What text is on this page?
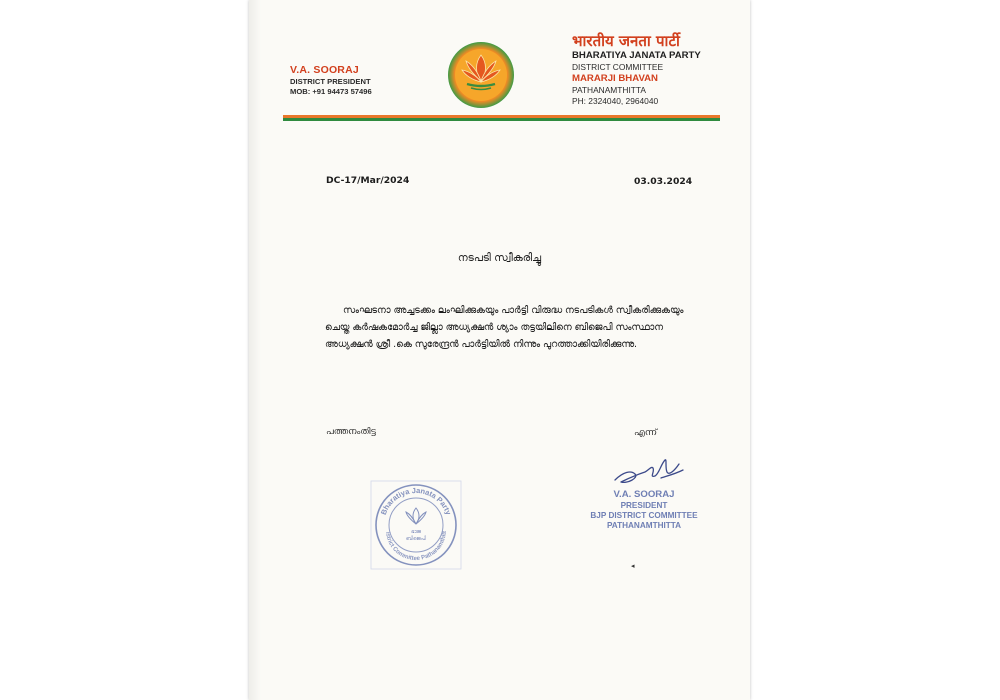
V.A. SOORAJ
DISTRICT PRESIDENT
MOB: +91 94473 57496
भारतीय जनता पार्टी
BHARATIYA JANATA PARTY
DISTRICT COMMITTEE
MARARJI BHAVAN
PATHANAMTHITTA
PH: 2324040, 2964040
DC-17/Mar/2024	03.03.2024
നടപടി സ്വീകരിച്ചു
സംഘടനാ അച്ചടക്കം ലംഘിക്കുകയും പാർട്ടി വിരുദ്ധ നടപടികൾ സ്വീകരിക്കുകയും ചെയ്ത കർഷകമോർച്ച ജില്ലാ അധ്യക്ഷൻ ശ്യാം തട്ടയിലിനെ ബിജെപി സംസ്ഥാന അധ്യക്ഷൻ ശ്രീ .കെ സുരേന്ദ്രൻ പാർട്ടിയിൽ നിന്നും പുറത്താക്കിയിരിക്കുന്നു.
പത്തനംതിട്ട	എന്ന്
V.A. SOORAJ
PRESIDENT
BJP DISTRICT COMMITTEE
PATHANAMTHITTA
Bharatiya Janata Party
istrict Committee Pathanamthitt
ഭാജ
ബിജെപി
◂
